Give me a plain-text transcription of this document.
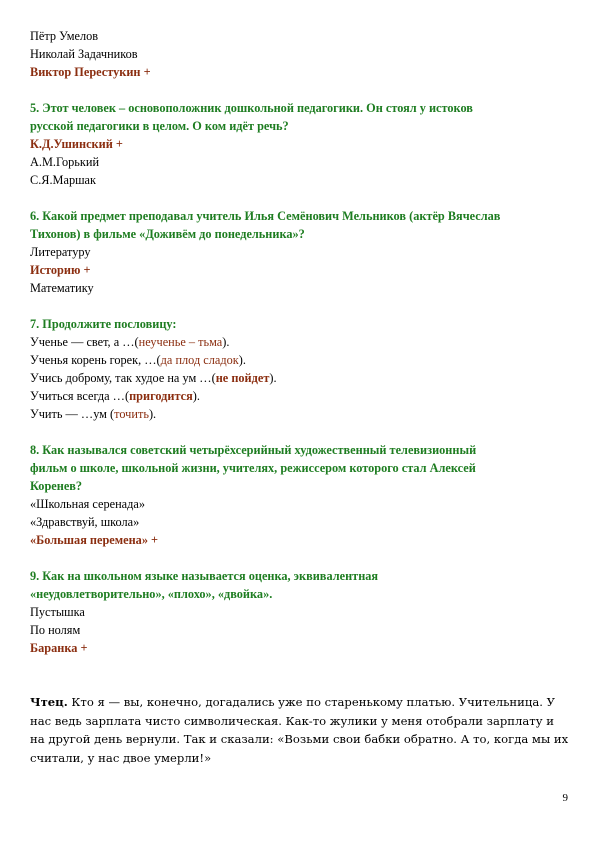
Пётр Умелов
Николай Задачников
Виктор Перестукин +
5. Этот человек – основоположник дошкольной педагогики. Он стоял у истоков
русской педагогики в целом. О ком идёт речь?
К.Д.Ушинский +
А.М.Горький
С.Я.Маршак
6. Какой предмет преподавал учитель Илья Семёнович Мельников (актёр Вячеслав
Тихонов) в фильме «Доживём до понедельника»?
Литературу
Историю +
Математику
7. Продолжите пословицу:
Ученье — свет, а …(неученье – тьма).
Ученья корень горек, …(да плод сладок).
Учись доброму, так худое на ум …(не пойдет).
Учиться всегда …(пригодится).
Учить — …ум (точить).
8. Как назывался советский четырёхсерийный художественный телевизионный
фильм о школе, школьной жизни, учителях, режиссером которого стал Алексей
Коренев?
«Школьная серенада»
«Здравствуй, школа»
«Большая перемена» +
9. Как на школьном языке называется оценка, эквивалентная
«неудовлетворительно», «плохо», «двойка».
Пустышка
По нолям
Баранка +
Чтец. Кто я — вы, конечно, догадались уже по старенькому платью. Учительница. У нас ведь зарплата чисто символическая. Как-то жулики у меня отобрали зарплату и на другой день вернули. Так и сказали: «Возьми свои бабки обратно. А то, когда мы их считали, у нас двое умерли!»
9
